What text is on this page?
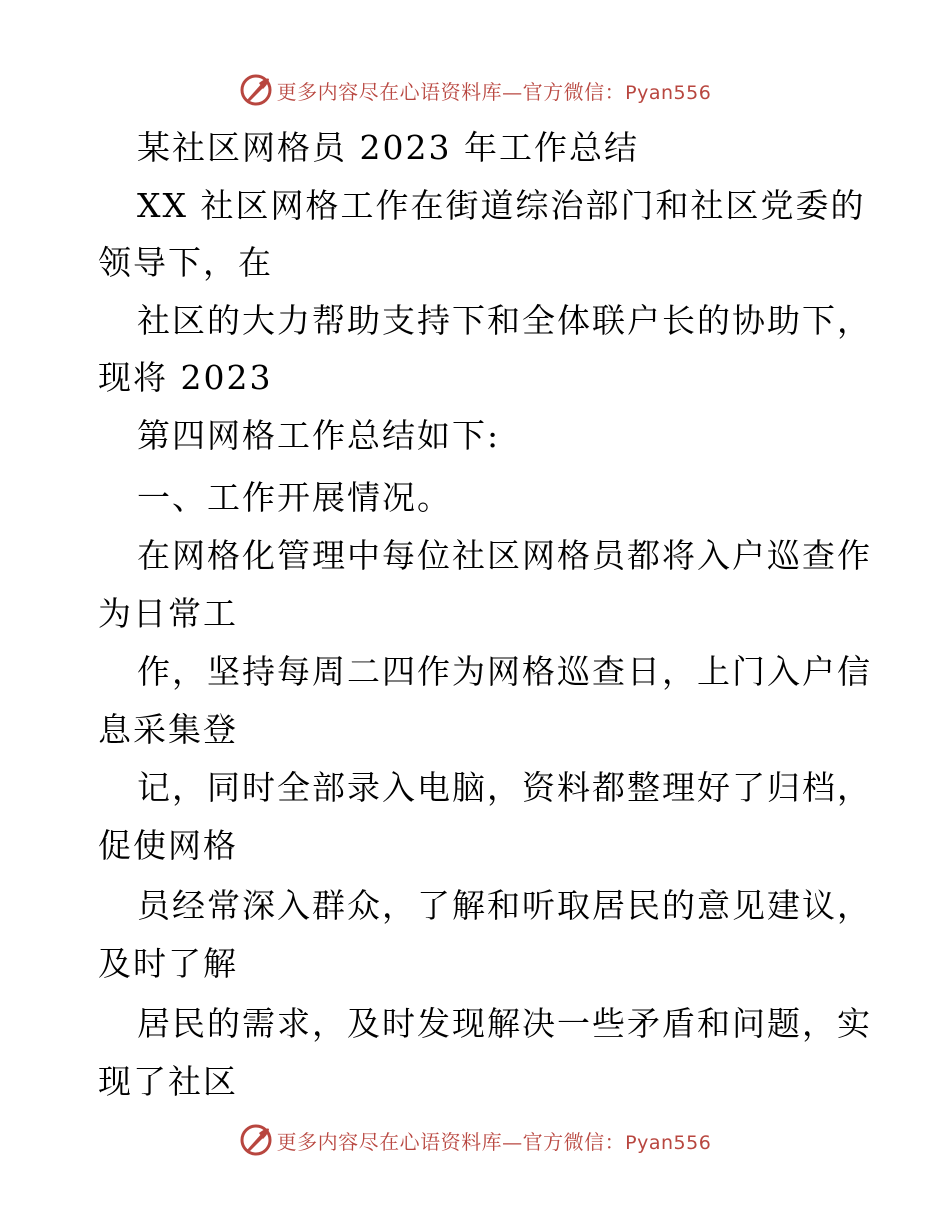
更多内容尽在心语资料库—官方微信：Pyan556
某社区网格员 2023 年工作总结
XX 社区网格工作在街道综治部门和社区党委的
领导下，在
社区的大力帮助支持下和全体联户长的协助下，
现将 2023
第四网格工作总结如下:
一、工作开展情况。
在网格化管理中每位社区网格员都将入户巡查作
为日常工
作，坚持每周二四作为网格巡查日，上门入户信
息采集登
记，同时全部录入电脑，资料都整理好了归档，
促使网格
员经常深入群众，了解和听取居民的意见建议，
及时了解
居民的需求，及时发现解决一些矛盾和问题，实
现了社区
更多内容尽在心语资料库—官方微信：Pyan556
